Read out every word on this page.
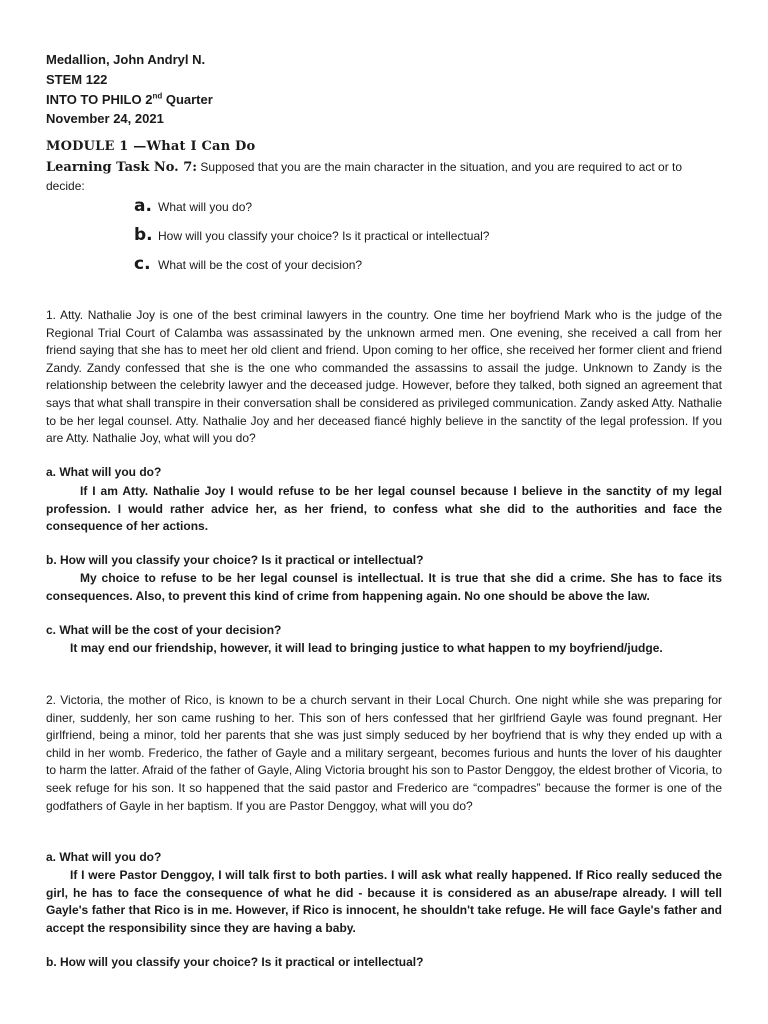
Medallion, John Andryl N.
STEM 122
INTO TO PHILO 2nd Quarter
November 24, 2021
MODULE 1 —What I Can Do
Learning Task No. 7: Supposed that you are the main character in the situation, and you are required to act or to decide:
a. What will you do?
b. How will you classify your choice? Is it practical or intellectual?
c. What will be the cost of your decision?
1. Atty. Nathalie Joy is one of the best criminal lawyers in the country. One time her boyfriend Mark who is the judge of the Regional Trial Court of Calamba was assassinated by the unknown armed men. One evening, she received a call from her friend saying that she has to meet her old client and friend. Upon coming to her office, she received her former client and friend Zandy. Zandy confessed that she is the one who commanded the assassins to assail the judge. Unknown to Zandy is the relationship between the celebrity lawyer and the deceased judge. However, before they talked, both signed an agreement that says that what shall transpire in their conversation shall be considered as privileged communication. Zandy asked Atty. Nathalie to be her legal counsel. Atty. Nathalie Joy and her deceased fiancé highly believe in the sanctity of the legal profession. If you are Atty. Nathalie Joy, what will you do?
a. What will you do?
If I am Atty. Nathalie Joy I would refuse to be her legal counsel because I believe in the sanctity of my legal profession. I would rather advice her, as her friend, to confess what she did to the authorities and face the consequence of her actions.
b. How will you classify your choice? Is it practical or intellectual?
My choice to refuse to be her legal counsel is intellectual. It is true that she did a crime. She has to face its consequences. Also, to prevent this kind of crime from happening again. No one should be above the law.
c. What will be the cost of your decision?
It may end our friendship, however, it will lead to bringing justice to what happen to my boyfriend/judge.
2. Victoria, the mother of Rico, is known to be a church servant in their Local Church. One night while she was preparing for diner, suddenly, her son came rushing to her. This son of hers confessed that her girlfriend Gayle was found pregnant. Her girlfriend, being a minor, told her parents that she was just simply seduced by her boyfriend that is why they ended up with a child in her womb. Frederico, the father of Gayle and a military sergeant, becomes furious and hunts the lover of his daughter to harm the latter. Afraid of the father of Gayle, Aling Victoria brought his son to Pastor Denggoy, the eldest brother of Vicoria, to seek refuge for his son. It so happened that the said pastor and Frederico are “compadres” because the former is one of the godfathers of Gayle in her baptism. If you are Pastor Denggoy, what will you do?
a. What will you do?
If I were Pastor Denggoy, I will talk first to both parties. I will ask what really happened. If Rico really seduced the girl, he has to face the consequence of what he did - because it is considered as an abuse/rape already. I will tell Gayle's father that Rico is in me. However, if Rico is innocent, he shouldn't take refuge. He will face Gayle's father and accept the responsibility since they are having a baby.
b. How will you classify your choice? Is it practical or intellectual?
